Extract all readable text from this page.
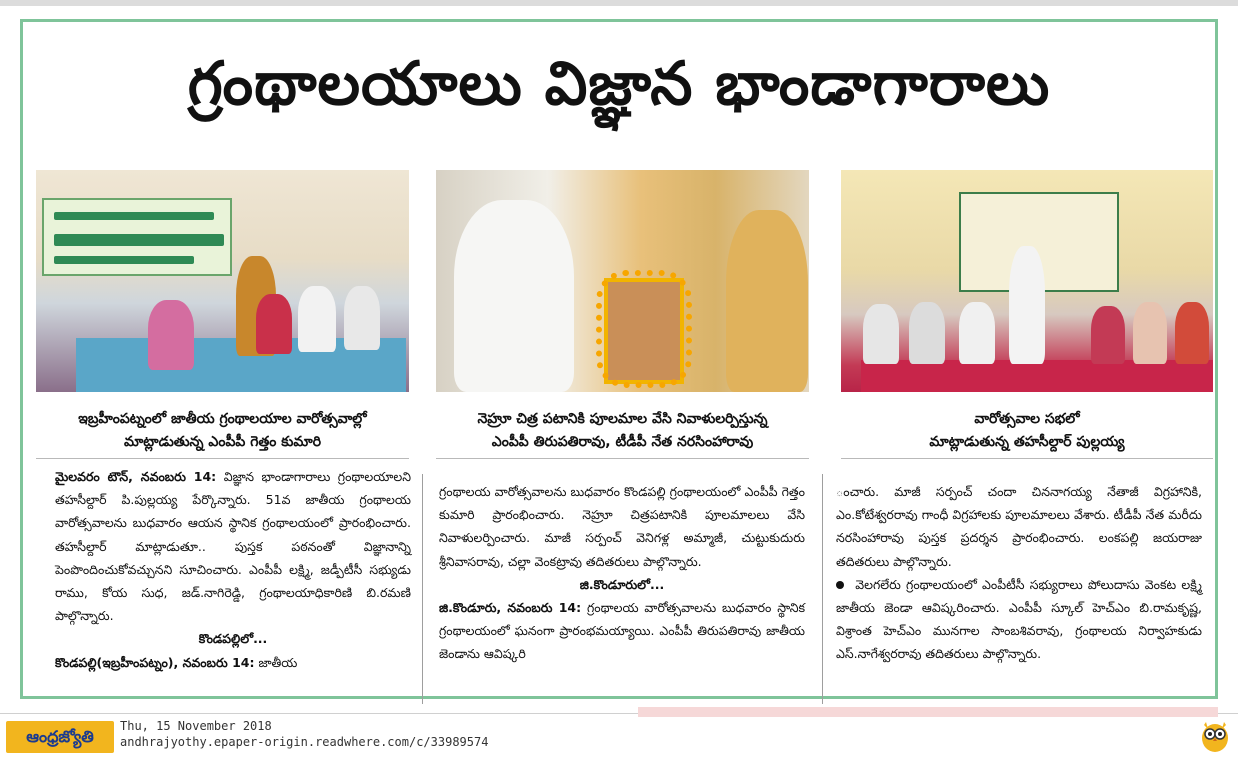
గ్రంథాలయాలు విజ్ఞాన భాండాగారాలు
ఇబ్రహీంపట్నంలో జాతీయ గ్రంథాలయాల వారోత్సవాల్లో
మాట్లాడుతున్న ఎంపీపీ గెత్తం కుమారి
నెహ్రూ చిత్ర పటానికి పూలమాల వేసి నివాళులర్పిస్తున్న
ఎంపీపీ తిరుపతిరావు, టీడీపీ నేత నరసింహారావు
వారోత్సవాల సభలో
మాట్లాడుతున్న తహసీల్దార్ పుల్లయ్య

మైలవరం టౌన్, నవంబరు 14: విజ్ఞాన భాండాగారాలు గ్రంథాలయాలని తహసీల్దార్ పి.పుల్లయ్య పేర్కొన్నారు. 51వ జాతీయ గ్రంథాలయ వారోత్సవాలను బుధవారం ఆయన స్థానిక గ్రంథాలయంలో ప్రారంభించారు. తహసీల్దార్ మాట్లాడుతూ.. పుస్తక పఠనంతో విజ్ఞానాన్ని పెంపొందించుకోవచ్చునని సూచించారు. ఎంపీపీ లక్ష్మి, జడ్పీటీసీ సభ్యుడు రాము, కోయ సుధ, జడ్.నాగిరెడ్డి, గ్రంథాలయాధికారిణి బి.రమణి పాల్గొన్నారు.

కొండపల్లిలో...

కొండపల్లి(ఇబ్రహీంపట్నం), నవంబరు 14: జాతీయ

గ్రంథాలయ వారోత్సవాలను బుధవారం కొండపల్లి గ్రంథాలయంలో ఎంపీపీ గెత్తం కుమారి ప్రారంభించారు. నెహ్రూ చిత్రపటానికి పూలమాలలు వేసి నివాళులర్పించారు. మాజీ సర్పంచ్ వెనిగళ్ల అమ్మాజీ, చుట్టుకుదురు శ్రీనివాసరావు, చల్లా వెంకట్రావు తదితరులు పాల్గొన్నారు.

జి.కొండూరులో...

జి.కొండూరు, నవంబరు 14: గ్రంథాలయ వారోత్సవాలను బుధవారం స్థానిక గ్రంథాలయంలో ఘనంగా ప్రారంభమయ్యాయి. ఎంపీపీ తిరుపతిరావు జాతీయ జెండాను ఆవిష్కరి

ంచారు. మాజీ సర్పంచ్ చందా చిననాగయ్య నేతాజీ విగ్రహానికి, ఎం.కోటేశ్వరరావు గాంధీ విగ్రహాలకు పూలమాలలు వేశారు. టీడీపీ నేత మరీదు నరసింహారావు పుస్తక ప్రదర్శన ప్రారంభించారు. లంకపల్లి జయరాజు తదితరులు పాల్గొన్నారు.

వెలగలేరు గ్రంథాలయంలో ఎంపీటీసీ సభ్యురాలు పోలుదాసు వెంకట లక్ష్మి జాతీయ జెండా ఆవిష్కరించారు. ఎంపీపీ స్కూల్ హెచ్ఎం బి.రామకృష్ణ, విశ్రాంత హెచ్ఎం మునగాల సాంబశివరావు, గ్రంథాలయ నిర్వాహకుడు ఎస్.నాగేశ్వరరావు తదితరులు పాల్గొన్నారు.

ఆంధ్రజ్యోతి
Thu, 15 November 2018
andhrajyothy.epaper-origin.readwhere.com/c/33989574
